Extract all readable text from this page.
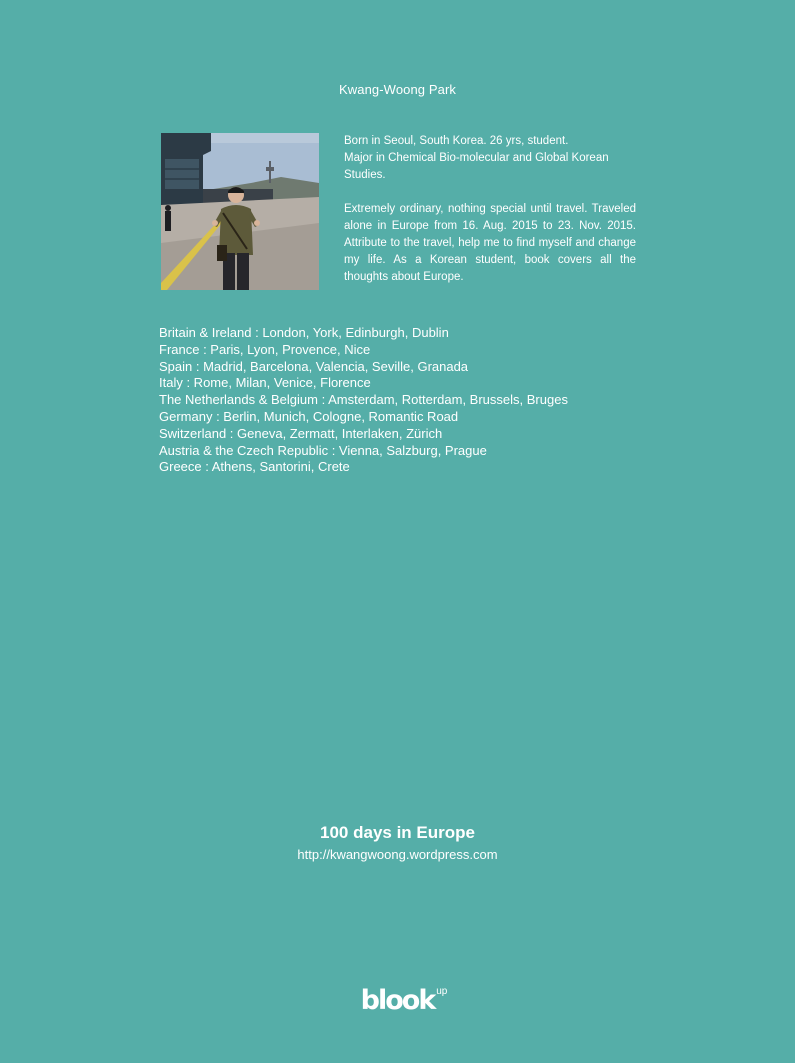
Kwang-Woong Park

Born in Seoul, South Korea. 26 yrs, student.

Major in Chemical Bio-molecular and Global Korean Studies.

Extremely ordinary, nothing special until travel. Traveled alone in Europe from 16. Aug. 2015 to 23. Nov. 2015. Attribute to the travel, help me to find myself and change my life. As a Korean student, book covers all the thoughts about Europe.

Britain & Ireland : London, York, Edinburgh, Dublin
France : Paris, Lyon, Provence, Nice
Spain : Madrid, Barcelona, Valencia, Seville, Granada
Italy : Rome, Milan, Venice, Florence
The Netherlands & Belgium : Amsterdam, Rotterdam, Brussels, Bruges
Germany : Berlin, Munich, Cologne, Romantic Road
Switzerland : Geneva, Zermatt, Interlaken, Zürich
Austria & the Czech Republic : Vienna, Salzburg, Prague
Greece : Athens, Santorini, Crete
100 days in Europe
http://kwangwoong.wordpress.com
blook up
